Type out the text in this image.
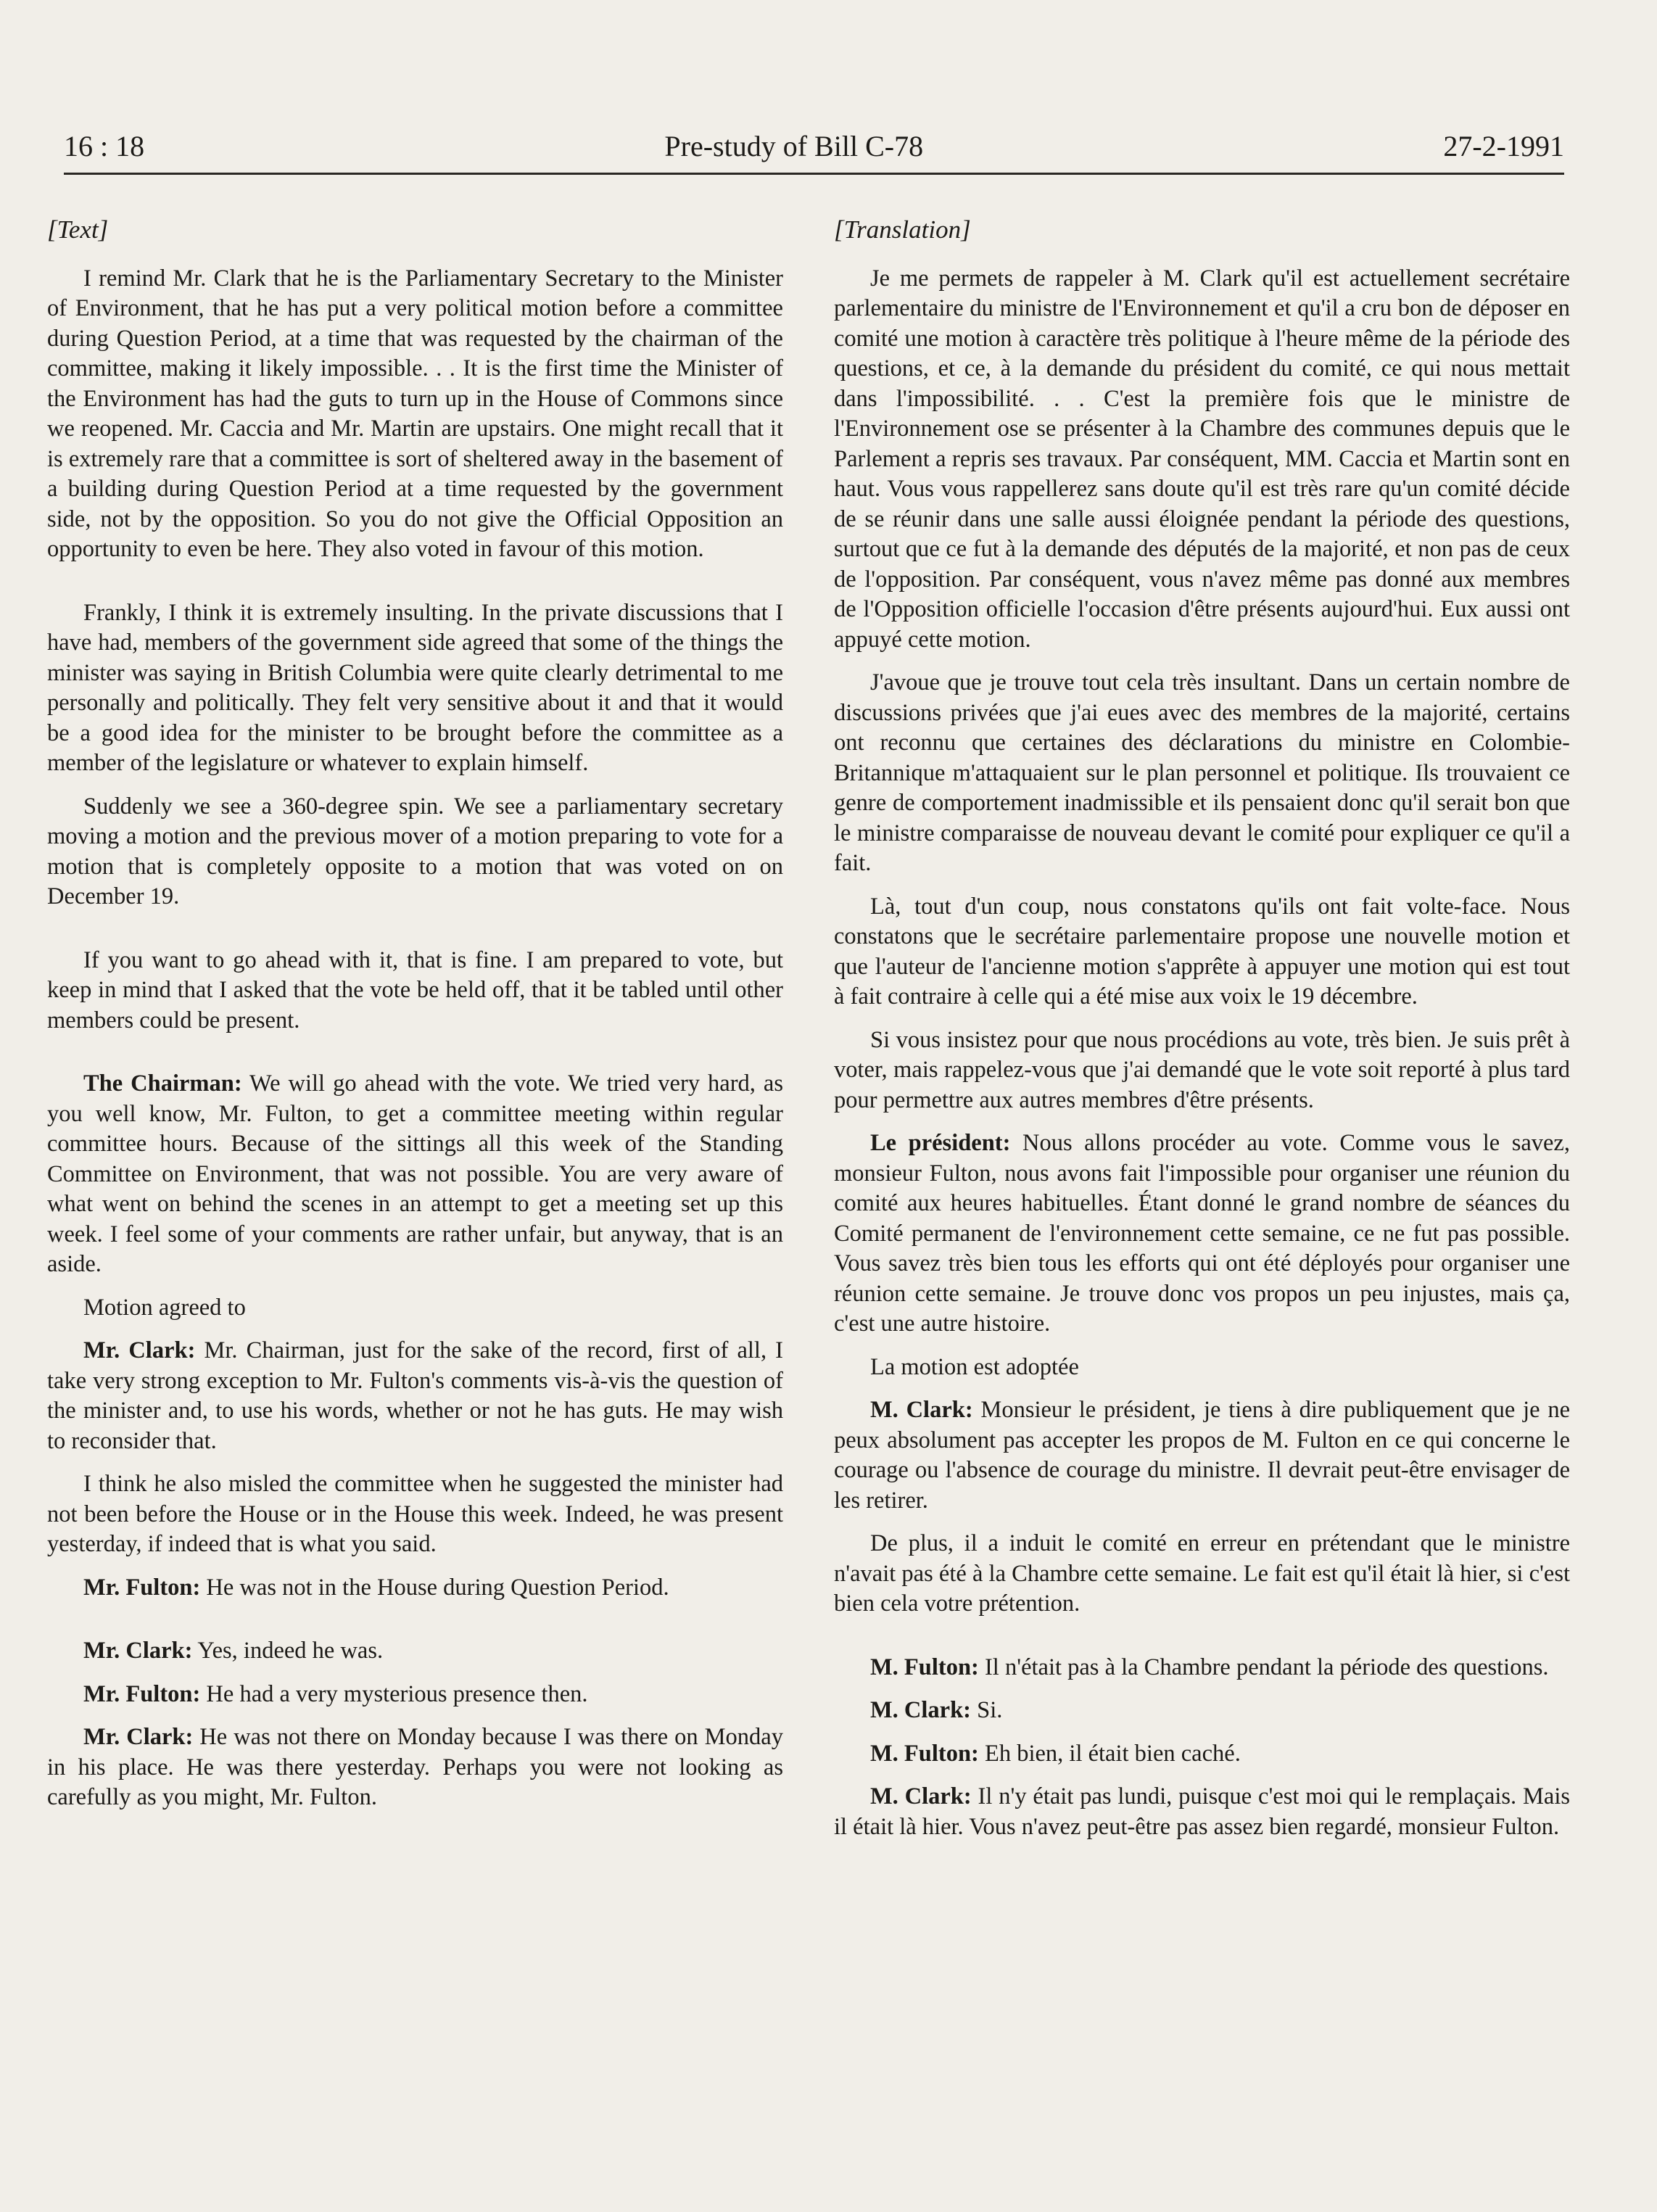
16 : 18	Pre-study of Bill C-78	27-2-1991
[Text]

I remind Mr. Clark that he is the Parliamentary Secretary to the Minister of Environment, that he has put a very political motion before a committee during Question Period, at a time that was requested by the chairman of the committee, making it likely impossible. . . It is the first time the Minister of the Environment has had the guts to turn up in the House of Commons since we reopened. Mr. Caccia and Mr. Martin are upstairs. One might recall that it is extremely rare that a committee is sort of sheltered away in the basement of a building during Question Period at a time requested by the government side, not by the opposition. So you do not give the Official Opposition an opportunity to even be here. They also voted in favour of this motion.

Frankly, I think it is extremely insulting. In the private discussions that I have had, members of the government side agreed that some of the things the minister was saying in British Columbia were quite clearly detrimental to me personally and politically. They felt very sensitive about it and that it would be a good idea for the minister to be brought before the committee as a member of the legislature or whatever to explain himself.

Suddenly we see a 360-degree spin. We see a parliamentary secretary moving a motion and the previous mover of a motion preparing to vote for a motion that is completely opposite to a motion that was voted on on December 19.

If you want to go ahead with it, that is fine. I am prepared to vote, but keep in mind that I asked that the vote be held off, that it be tabled until other members could be present.

The Chairman: We will go ahead with the vote. We tried very hard, as you well know, Mr. Fulton, to get a committee meeting within regular committee hours. Because of the sittings all this week of the Standing Committee on Environment, that was not possible. You are very aware of what went on behind the scenes in an attempt to get a meeting set up this week. I feel some of your comments are rather unfair, but anyway, that is an aside.

Motion agreed to

Mr. Clark: Mr. Chairman, just for the sake of the record, first of all, I take very strong exception to Mr. Fulton's comments vis-à-vis the question of the minister and, to use his words, whether or not he has guts. He may wish to reconsider that.

I think he also misled the committee when he suggested the minister had not been before the House or in the House this week. Indeed, he was present yesterday, if indeed that is what you said.

Mr. Fulton: He was not in the House during Question Period.

Mr. Clark: Yes, indeed he was.

Mr. Fulton: He had a very mysterious presence then.

Mr. Clark: He was not there on Monday because I was there on Monday in his place. He was there yesterday. Perhaps you were not looking as carefully as you might, Mr. Fulton.

[Translation]

Je me permets de rappeler à M. Clark qu'il est actuellement secrétaire parlementaire du ministre de l'Environnement et qu'il a cru bon de déposer en comité une motion à caractère très politique à l'heure même de la période des questions, et ce, à la demande du président du comité, ce qui nous mettait dans l'impossibilité. . . C'est la première fois que le ministre de l'Environnement ose se présenter à la Chambre des communes depuis que le Parlement a repris ses travaux. Par conséquent, MM. Caccia et Martin sont en haut. Vous vous rappellerez sans doute qu'il est très rare qu'un comité décide de se réunir dans une salle aussi éloignée pendant la période des questions, surtout que ce fut à la demande des députés de la majorité, et non pas de ceux de l'opposition. Par conséquent, vous n'avez même pas donné aux membres de l'Opposition officielle l'occasion d'être présents aujourd'hui. Eux aussi ont appuyé cette motion.

J'avoue que je trouve tout cela très insultant. Dans un certain nombre de discussions privées que j'ai eues avec des membres de la majorité, certains ont reconnu que certaines des déclarations du ministre en Colombie-Britannique m'attaquaient sur le plan personnel et politique. Ils trouvaient ce genre de comportement inadmissible et ils pensaient donc qu'il serait bon que le ministre comparaisse de nouveau devant le comité pour expliquer ce qu'il a fait.

Là, tout d'un coup, nous constatons qu'ils ont fait volte-face. Nous constatons que le secrétaire parlementaire propose une nouvelle motion et que l'auteur de l'ancienne motion s'apprête à appuyer une motion qui est tout à fait contraire à celle qui a été mise aux voix le 19 décembre.

Si vous insistez pour que nous procédions au vote, très bien. Je suis prêt à voter, mais rappelez-vous que j'ai demandé que le vote soit reporté à plus tard pour permettre aux autres membres d'être présents.

Le président: Nous allons procéder au vote. Comme vous le savez, monsieur Fulton, nous avons fait l'impossible pour organiser une réunion du comité aux heures habituelles. Étant donné le grand nombre de séances du Comité permanent de l'environnement cette semaine, ce ne fut pas possible. Vous savez très bien tous les efforts qui ont été déployés pour organiser une réunion cette semaine. Je trouve donc vos propos un peu injustes, mais ça, c'est une autre histoire.

La motion est adoptée

M. Clark: Monsieur le président, je tiens à dire publiquement que je ne peux absolument pas accepter les propos de M. Fulton en ce qui concerne le courage ou l'absence de courage du ministre. Il devrait peut-être envisager de les retirer.

De plus, il a induit le comité en erreur en prétendant que le ministre n'avait pas été à la Chambre cette semaine. Le fait est qu'il était là hier, si c'est bien cela votre prétention.

M. Fulton: Il n'était pas à la Chambre pendant la période des questions.

M. Clark: Si.

M. Fulton: Eh bien, il était bien caché.

M. Clark: Il n'y était pas lundi, puisque c'est moi qui le remplaçais. Mais il était là hier. Vous n'avez peut-être pas assez bien regardé, monsieur Fulton.
